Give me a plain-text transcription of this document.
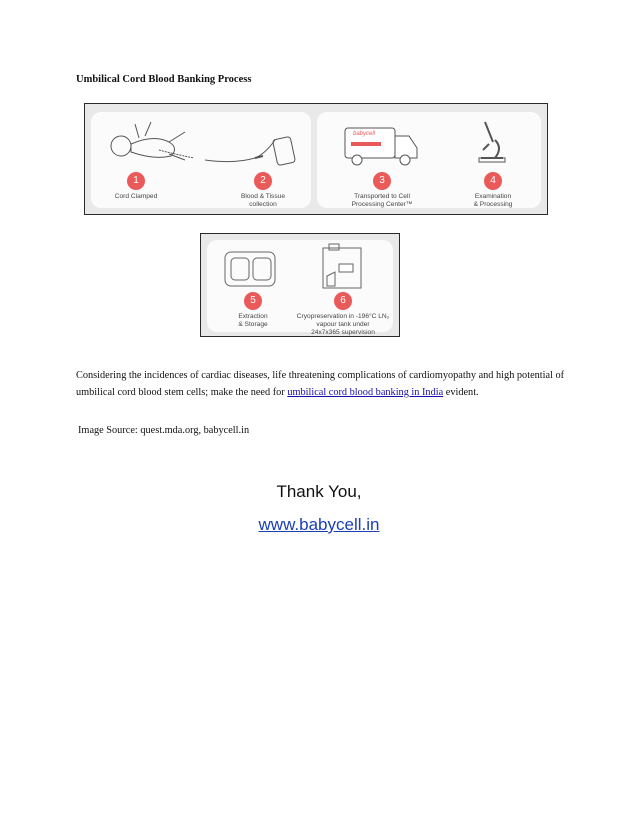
Umbilical Cord Blood Banking Process
babycell
1
Cord Clamped
2
Blood & Tissue
collection
3
Transported to Cell
Processing Center™
4
Examination
& Processing
5
Extraction
& Storage
6
Cryopreservation in -196°C LN₂
vapour tank under
24x7x365 supervision
Considering the incidences of cardiac diseases, life threatening complications of cardiomyopathy and high potential of umbilical cord blood stem cells; make the need for umbilical cord blood banking in India evident.
Image Source: quest.mda.org, babycell.in
Thank You,
www.babycell.in
